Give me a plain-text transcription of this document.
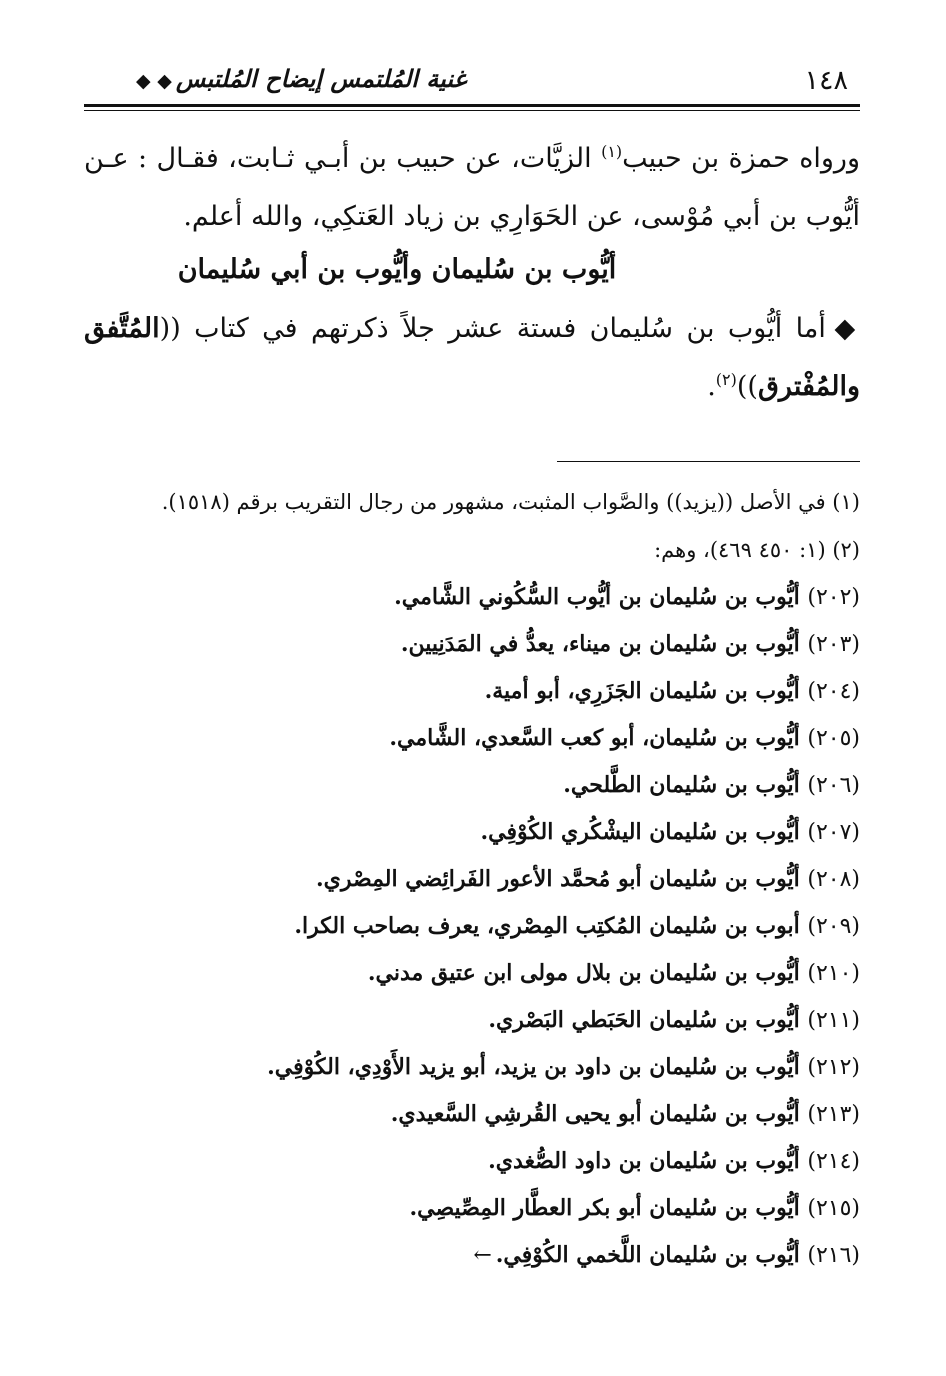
١٤٨
غنية المُلتمس إيضاح المُلتبس◆ ◆

ورواه حمزة بن حبيب$^{(١)}$ الزيَّات، عن حبيب بن أبـي ثـابت، فقـال : عـن أيُّوب بن أبي مُوْسى، عن الحَوَارِي بن زياد العَتكِي، والله أعلم.

أيُّوب بن سُليمان وأيُّوب بن أبي سُليمان
◆ أما أيُّوب بن سُليمان فستة عشر جلاً ذكرتهم في كتاب ((المُتَّفق والمُفْترق))$^{(٢)}$.
(١) في الأصل ((يزيد)) والصَّواب المثبت، مشهور من رجال التقريب برقم (١٥١٨).
(٢) (١: ٤٥٠ ٤٦٩)، وهم:
(٢٠٢) أيُّوب بن سُليمان بن أيُّوب السُّكُوني الشَّامي.
(٢٠٣) أيُّوب بن سُليمان بن ميناء، يعدُّ في المَدَنِيين.
(٢٠٤) أيُّوب بن سُليمان الجَزَرِي، أبو أمية.
(٢٠٥) أيُّوب بن سُليمان، أبو كعب السَّعدي، الشَّامي.
(٢٠٦) أيُّوب بن سُليمان الطَّلحي.
(٢٠٧) أيُّوب بن سُليمان اليشْكُري الكُوْفِي.
(٢٠٨) أيُّوب بن سُليمان أبو مُحمَّد الأعور الفَرائِضي المِصْري.
(٢٠٩) أبوب بن سُليمان المُكتِب المِصْري، يعرف بصاحب الكرا.
(٢١٠) أيُّوب بن سُليمان بن بلال مولى ابن عتيق مدني.
(٢١١) أيُّوب بن سُليمان الحَبَطي البَصْري.
(٢١٢) أيُّوب بن سُليمان بن داود بن يزيد، أبو يزيد الأَوْدِي، الكُوْفِي.
(٢١٣) أيُّوب بن سُليمان أبو يحيى القُرشِي السَّعيدي.
(٢١٤) أيُّوب بن سُليمان بن داود الصُّغدي.
(٢١٥) أيُّوب بن سُليمان أبو بكر العطَّار المِصِّيصِي.
(٢١٦) أيُّوب بن سُليمان اللَّخمي الكُوْفِي.←
